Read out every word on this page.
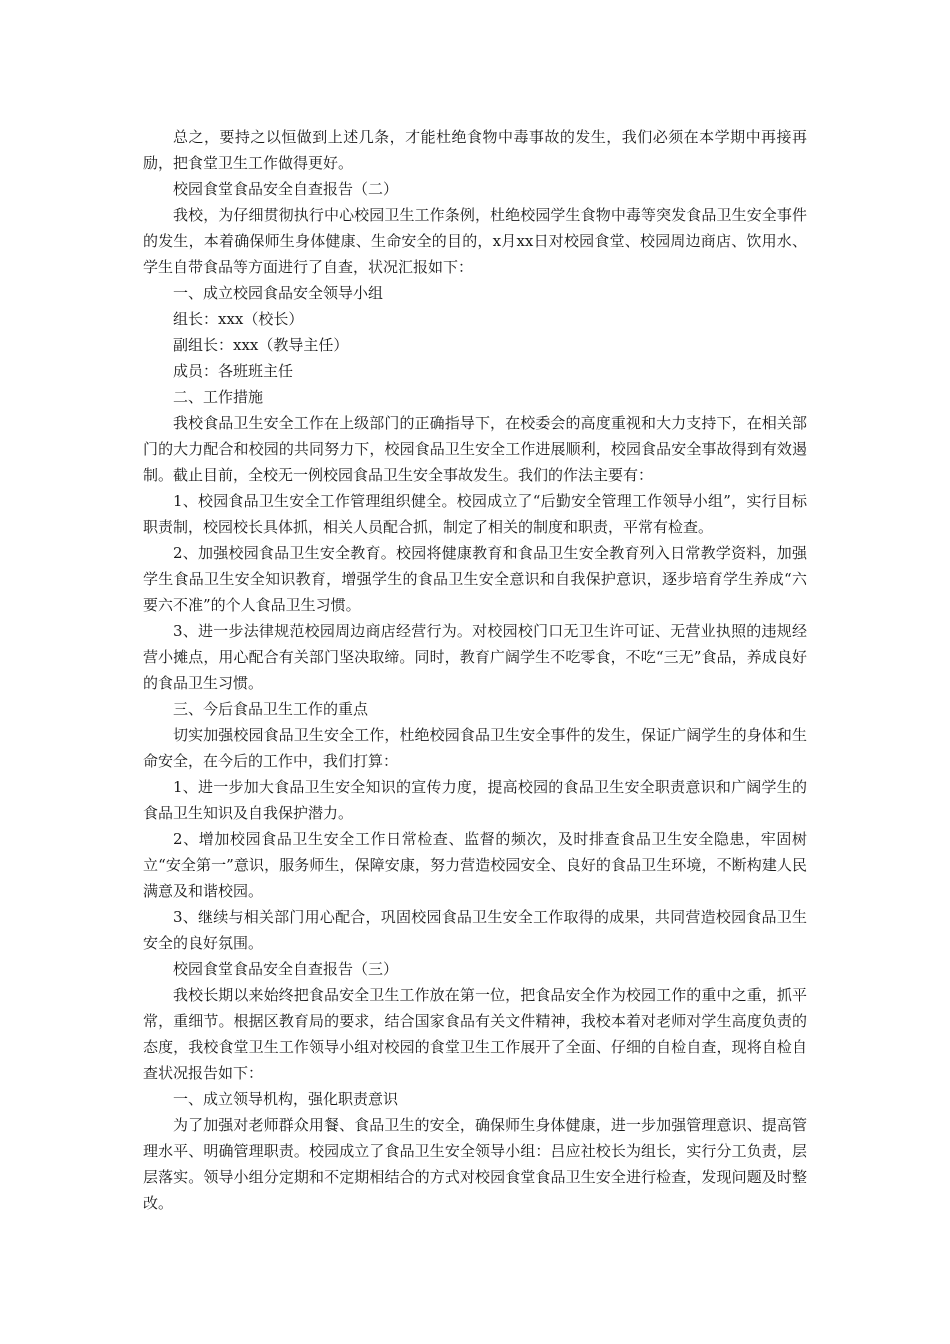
总之，要持之以恒做到上述几条，才能杜绝食物中毒事故的发生，我们必须在本学期中再接再励，把食堂卫生工作做得更好。

校园食堂食品安全自查报告（二）

我校，为仔细贯彻执行中心校园卫生工作条例，杜绝校园学生食物中毒等突发食品卫生安全事件的发生，本着确保师生身体健康、生命安全的目的，x月xx日对校园食堂、校园周边商店、饮用水、学生自带食品等方面进行了自查，状况汇报如下：

一、成立校园食品安全领导小组

组长：xxx（校长）

副组长：xxx（教导主任）

成员：各班班主任

二、工作措施

我校食品卫生安全工作在上级部门的正确指导下，在校委会的高度重视和大力支持下，在相关部门的大力配合和校园的共同努力下，校园食品卫生安全工作进展顺利，校园食品安全事故得到有效遏制。截止目前，全校无一例校园食品卫生安全事故发生。我们的作法主要有：

1、校园食品卫生安全工作管理组织健全。校园成立了“后勤安全管理工作领导小组”，实行目标职责制，校园校长具体抓，相关人员配合抓，制定了相关的制度和职责，平常有检查。

2、加强校园食品卫生安全教育。校园将健康教育和食品卫生安全教育列入日常教学资料，加强学生食品卫生安全知识教育，增强学生的食品卫生安全意识和自我保护意识，逐步培育学生养成“六要六不准”的个人食品卫生习惯。

3、进一步法律规范校园周边商店经营行为。对校园校门口无卫生许可证、无营业执照的违规经营小摊点，用心配合有关部门坚决取缔。同时，教育广阔学生不吃零食，不吃“三无”食品，养成良好的食品卫生习惯。

三、今后食品卫生工作的重点

切实加强校园食品卫生安全工作，杜绝校园食品卫生安全事件的发生，保证广阔学生的身体和生命安全，在今后的工作中，我们打算：

1、进一步加大食品卫生安全知识的宣传力度，提高校园的食品卫生安全职责意识和广阔学生的食品卫生知识及自我保护潜力。

2、增加校园食品卫生安全工作日常检查、监督的频次，及时排查食品卫生安全隐患，牢固树立“安全第一”意识，服务师生，保障安康，努力营造校园安全、良好的食品卫生环境，不断构建人民满意及和谐校园。

3、继续与相关部门用心配合，巩固校园食品卫生安全工作取得的成果，共同营造校园食品卫生安全的良好氛围。

校园食堂食品安全自查报告（三）

我校长期以来始终把食品安全卫生工作放在第一位，把食品安全作为校园工作的重中之重，抓平常，重细节。根据区教育局的要求，结合国家食品有关文件精神，我校本着对老师对学生高度负责的态度，我校食堂卫生工作领导小组对校园的食堂卫生工作展开了全面、仔细的自检自查，现将自检自查状况报告如下：

一、成立领导机构，强化职责意识

为了加强对老师群众用餐、食品卫生的安全，确保师生身体健康，进一步加强管理意识、提高管理水平、明确管理职责。校园成立了食品卫生安全领导小组：吕应社校长为组长，实行分工负责，层层落实。领导小组分定期和不定期相结合的方式对校园食堂食品卫生安全进行检查，发现问题及时整改。
